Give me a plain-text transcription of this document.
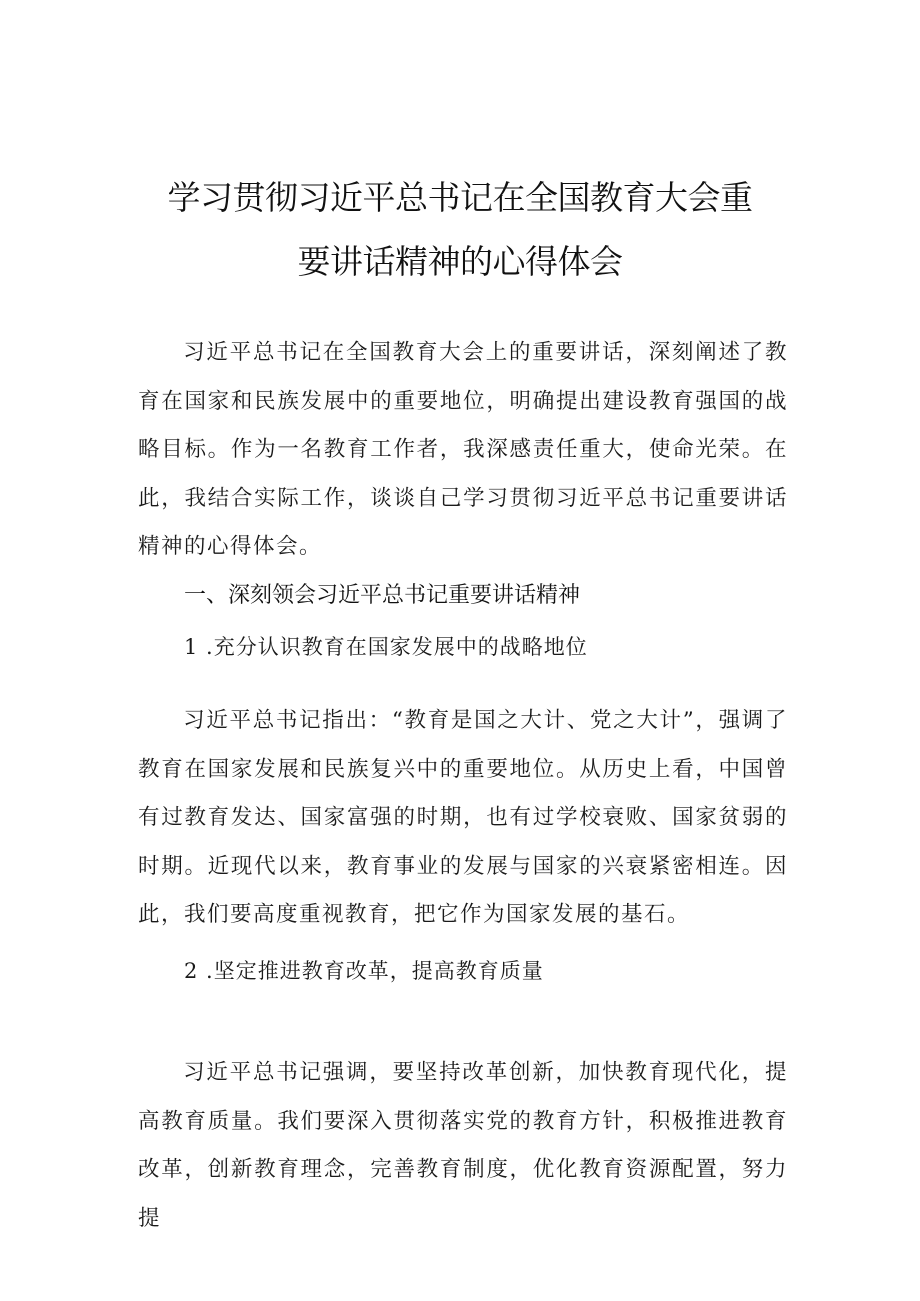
学习贯彻习近平总书记在全国教育大会重
要讲话精神的心得体会

习近平总书记在全国教育大会上的重要讲话，深刻阐述了教育在国家和民族发展中的重要地位，明确提出建设教育强国的战略目标。作为一名教育工作者，我深感责任重大，使命光荣。在此，我结合实际工作，谈谈自己学习贯彻习近平总书记重要讲话精神的心得体会。

一、深刻领会习近平总书记重要讲话精神
1 .充分认识教育在国家发展中的战略地位

习近平总书记指出：“教育是国之大计、党之大计”，强调了教育在国家发展和民族复兴中的重要地位。从历史上看，中国曾有过教育发达、国家富强的时期，也有过学校衰败、国家贫弱的时期。近现代以来，教育事业的发展与国家的兴衰紧密相连。因此，我们要高度重视教育，把它作为国家发展的基石。

2 .坚定推进教育改革，提高教育质量

习近平总书记强调，要坚持改革创新，加快教育现代化，提高教育质量。我们要深入贯彻落实党的教育方针，积极推进教育改革，创新教育理念，完善教育制度，优化教育资源配置，努力提
